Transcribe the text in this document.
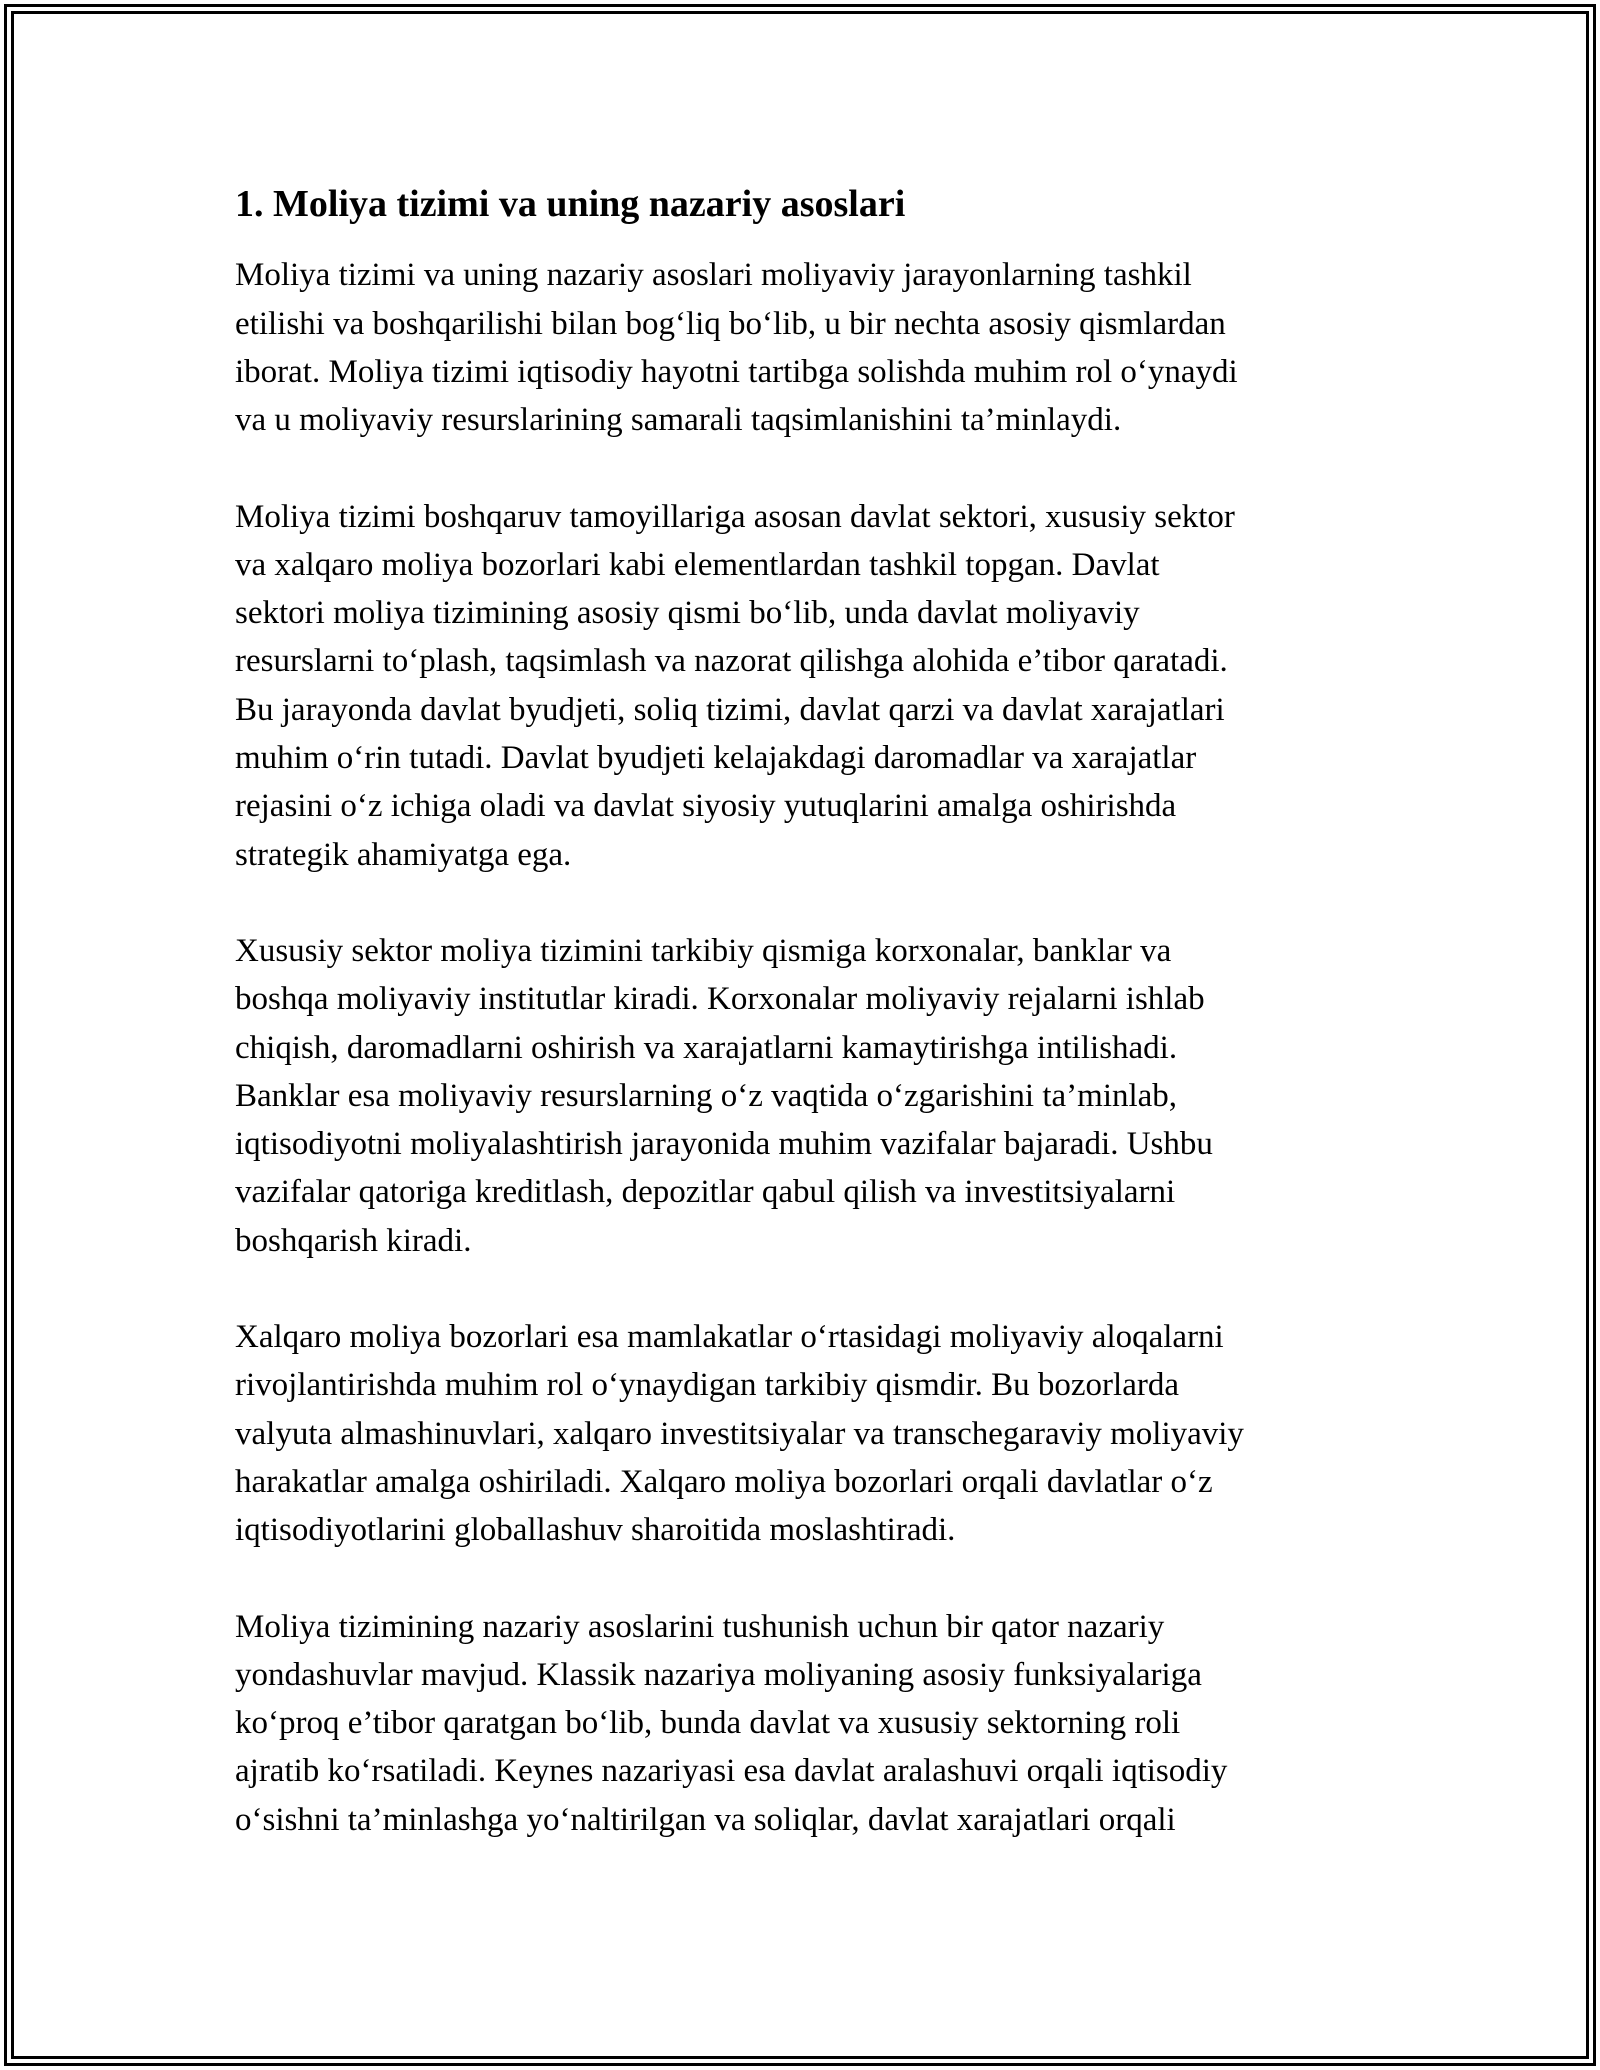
1. Moliya tizimi va uning nazariy asoslari

Moliya tizimi va uning nazariy asoslari moliyaviy jarayonlarning tashkil
etilishi va boshqarilishi bilan bog‘liq bo‘lib, u bir nechta asosiy qismlardan
iborat. Moliya tizimi iqtisodiy hayotni tartibga solishda muhim rol o‘ynaydi
va u moliyaviy resurslarining samarali taqsimlanishini ta’minlaydi.

Moliya tizimi boshqaruv tamoyillariga asosan davlat sektori, xususiy sektor
va xalqaro moliya bozorlari kabi elementlardan tashkil topgan. Davlat
sektori moliya tizimining asosiy qismi bo‘lib, unda davlat moliyaviy
resurslarni to‘plash, taqsimlash va nazorat qilishga alohida e’tibor qaratadi.
Bu jarayonda davlat byudjeti, soliq tizimi, davlat qarzi va davlat xarajatlari
muhim o‘rin tutadi. Davlat byudjeti kelajakdagi daromadlar va xarajatlar
rejasini o‘z ichiga oladi va davlat siyosiy yutuqlarini amalga oshirishda
strategik ahamiyatga ega.

Xususiy sektor moliya tizimini tarkibiy qismiga korxonalar, banklar va
boshqa moliyaviy institutlar kiradi. Korxonalar moliyaviy rejalarni ishlab
chiqish, daromadlarni oshirish va xarajatlarni kamaytirishga intilishadi.
Banklar esa moliyaviy resurslarning o‘z vaqtida o‘zgarishini ta’minlab,
iqtisodiyotni moliyalashtirish jarayonida muhim vazifalar bajaradi. Ushbu
vazifalar qatoriga kreditlash, depozitlar qabul qilish va investitsiyalarni
boshqarish kiradi.

Xalqaro moliya bozorlari esa mamlakatlar o‘rtasidagi moliyaviy aloqalarni
rivojlantirishda muhim rol o‘ynaydigan tarkibiy qismdir. Bu bozorlarda
valyuta almashinuvlari, xalqaro investitsiyalar va transchegaraviy moliyaviy
harakatlar amalga oshiriladi. Xalqaro moliya bozorlari orqali davlatlar o‘z
iqtisodiyotlarini globallashuv sharoitida moslashtiradi.

Moliya tizimining nazariy asoslarini tushunish uchun bir qator nazariy
yondashuvlar mavjud. Klassik nazariya moliyaning asosiy funksiyalariga
ko‘proq e’tibor qaratgan bo‘lib, bunda davlat va xususiy sektorning roli
ajratib ko‘rsatiladi. Keynes nazariyasi esa davlat aralashuvi orqali iqtisodiy
o‘sishni ta’minlashga yo‘naltirilgan va soliqlar, davlat xarajatlari orqali
